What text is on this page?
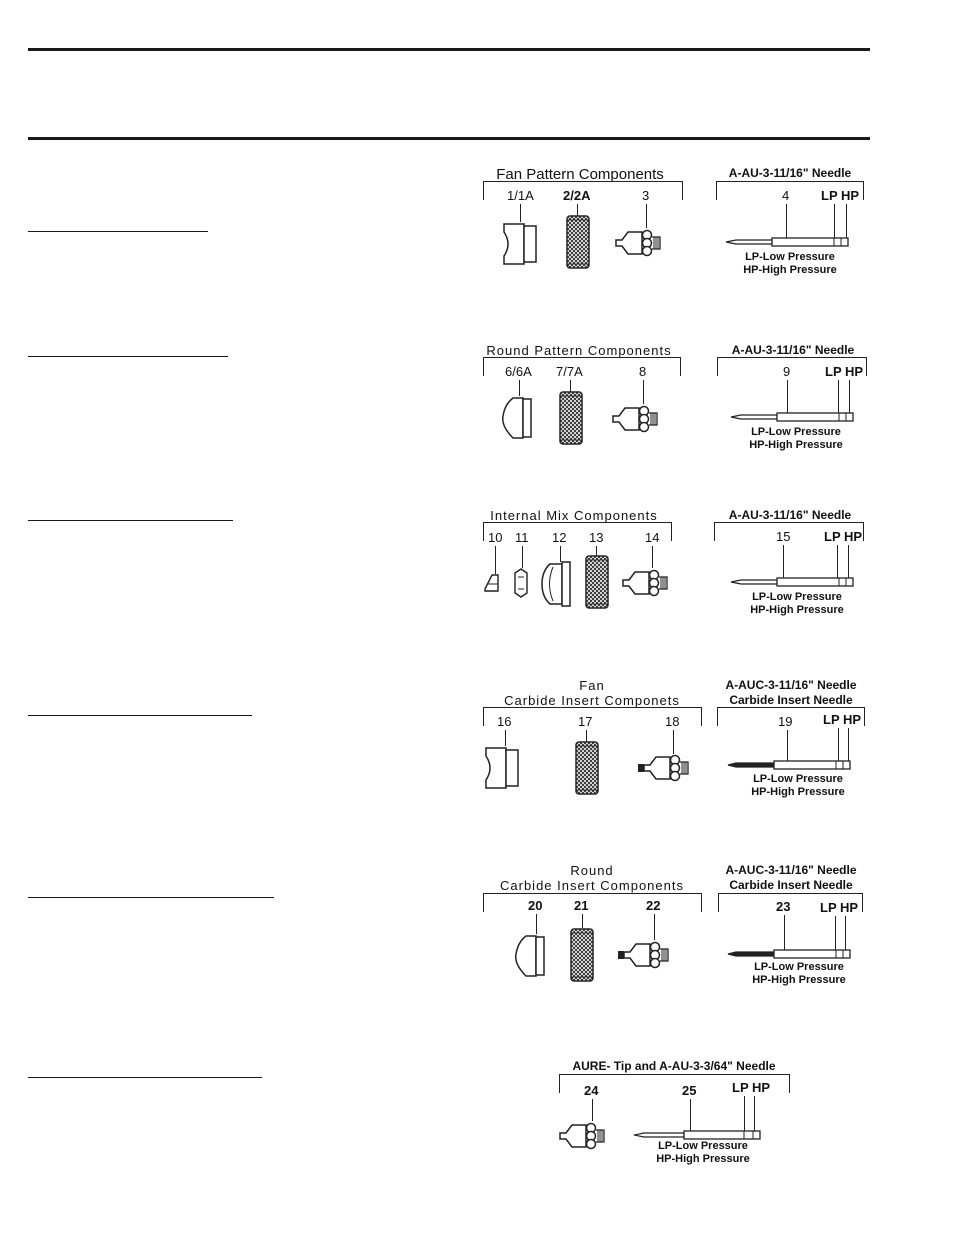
Fan Pattern Components
1/1A 2/2A	3
A-AU-3-11/16" Needle
4 LP HP
LP-Low Pressure
HP-High Pressure
Round Pattern Components
6/6A 7/7A	8
A-AU-3-11/16" Needle
9	LP HP
LP-Low Pressure
HP-High Pressure
Internal Mix Components
10 11 12 13	14
A-AU-3-11/16" Needle
15	LP HP
LP-Low Pressure
HP-High Pressure
Fan
Carbide Insert Componets
16	17	18
A-AUC-3-11/16" Needle
Carbide Insert Needle
19 LP HP
LP-Low Pressure
HP-High Pressure
Round
Carbide Insert Components
20 21	22
A-AUC-3-11/16" Needle
Carbide Insert Needle
23 LP HP
LP-Low Pressure
HP-High Pressure
AURE- Tip and A-AU-3-3/64" Needle
24	25	LP HP
LP-Low Pressure
HP-High Pressure
